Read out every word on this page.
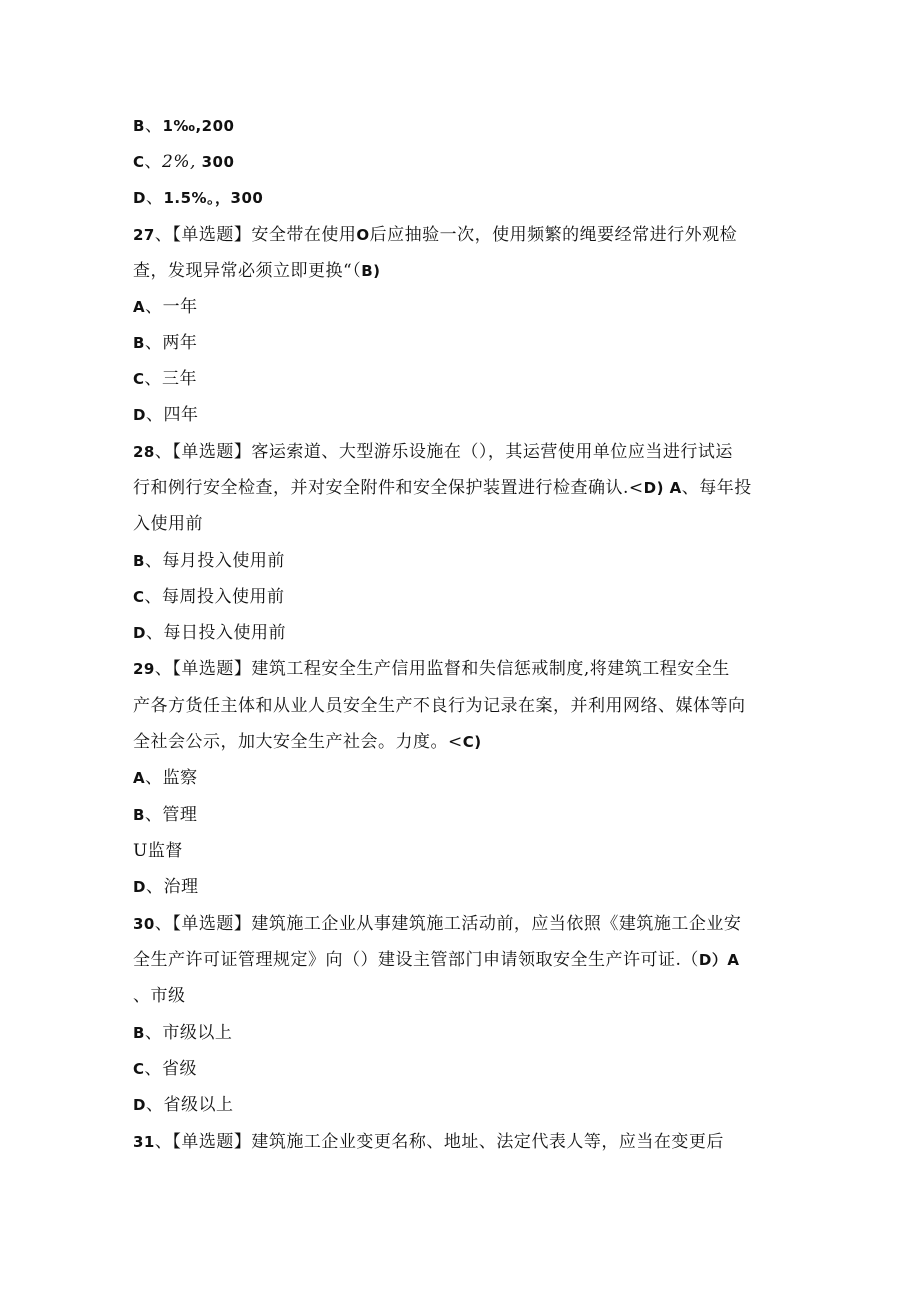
B、1‰,200
C、2%, 300
D、1.5%。，300
27、【单选题】安全带在使用O后应抽验一次，使用频繁的绳要经常进行外观检
查，发现异常必须立即更换“（B)
A、一年
B、两年
C、三年
D、四年
28、【单选题】客运索道、大型游乐设施在（），其运营使用单位应当进行试运
行和例行安全检查，并对安全附件和安全保护装置进行检查确认.<D) A、每年投
入使用前
B、每月投入使用前
C、每周投入使用前
D、每日投入使用前
29、【单选题】建筑工程安全生产信用监督和失信惩戒制度,将建筑工程安全生
产各方货任主体和从业人员安全生产不良行为记录在案，并利用网络、媒体等向
全社会公示，加大安全生产社会。力度。<C)
A、监察
B、管理
U监督
D、治理
30、【单选题】建筑施工企业从事建筑施工活动前，应当依照《建筑施工企业安
全生产许可证管理规定》向（）建设主管部门申请领取安全生产许可证.（D）A
、市级
B、市级以上
C、省级
D、省级以上
31、【单选题】建筑施工企业变更名称、地址、法定代表人等，应当在变更后
